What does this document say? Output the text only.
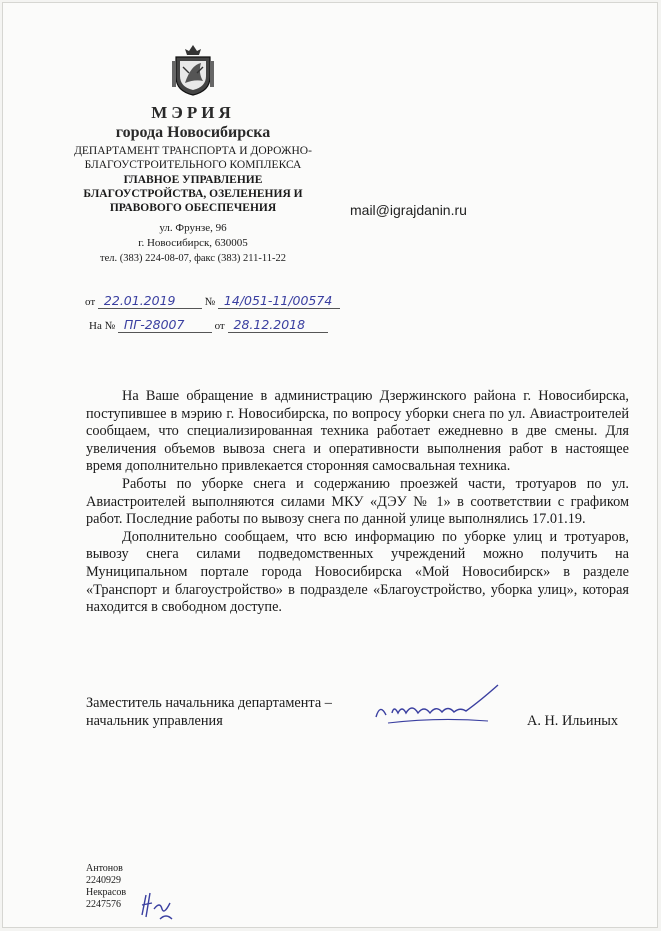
МЭРИЯ
города Новосибирска
ДЕПАРТАМЕНТ ТРАНСПОРТА И ДОРОЖНО-БЛАГОУСТРОИТЕЛЬНОГО КОМПЛЕКСА
ГЛАВНОЕ УПРАВЛЕНИЕ БЛАГОУСТРОЙСТВА, ОЗЕЛЕНЕНИЯ И ПРАВОВОГО ОБЕСПЕЧЕНИЯ
ул. Фрунзе, 96
г. Новосибирск, 630005
тел. (383) 224-08-07, факс (383) 211-11-22
mail@igrajdanin.ru
от 22.01.2019	№ 14/051-11/00574
На № ПГ-28007	от 28.12.2018

На Ваше обращение в администрацию Дзержинского района г. Новосибирска, поступившее в мэрию г. Новосибирска, по вопросу уборки снега по ул. Авиастроителей сообщаем, что специализированная техника работает ежедневно в две смены. Для увеличения объемов вывоза снега и оперативности выполнения работ в настоящее время дополнительно привлекается сторонняя самосвальная техника.

Работы по уборке снега и содержанию проезжей части, тротуаров по ул. Авиастроителей выполняются силами МКУ «ДЭУ № 1» в соответствии с графиком работ. Последние работы по вывозу снега по данной улице выполнялись 17.01.19.

Дополнительно сообщаем, что всю информацию по уборке улиц и тротуаров, вывозу снега силами подведомственных учреждений можно получить на Муниципальном портале города Новосибирска «Мой Новосибирск» в разделе «Транспорт и благоустройство» в подразделе «Благоустройство, уборка улиц», которая находится в свободном доступе.

Заместитель начальника департамента –
начальник управления	А. Н. Ильиных
Антонов
2240929
Некрасов
2247576
